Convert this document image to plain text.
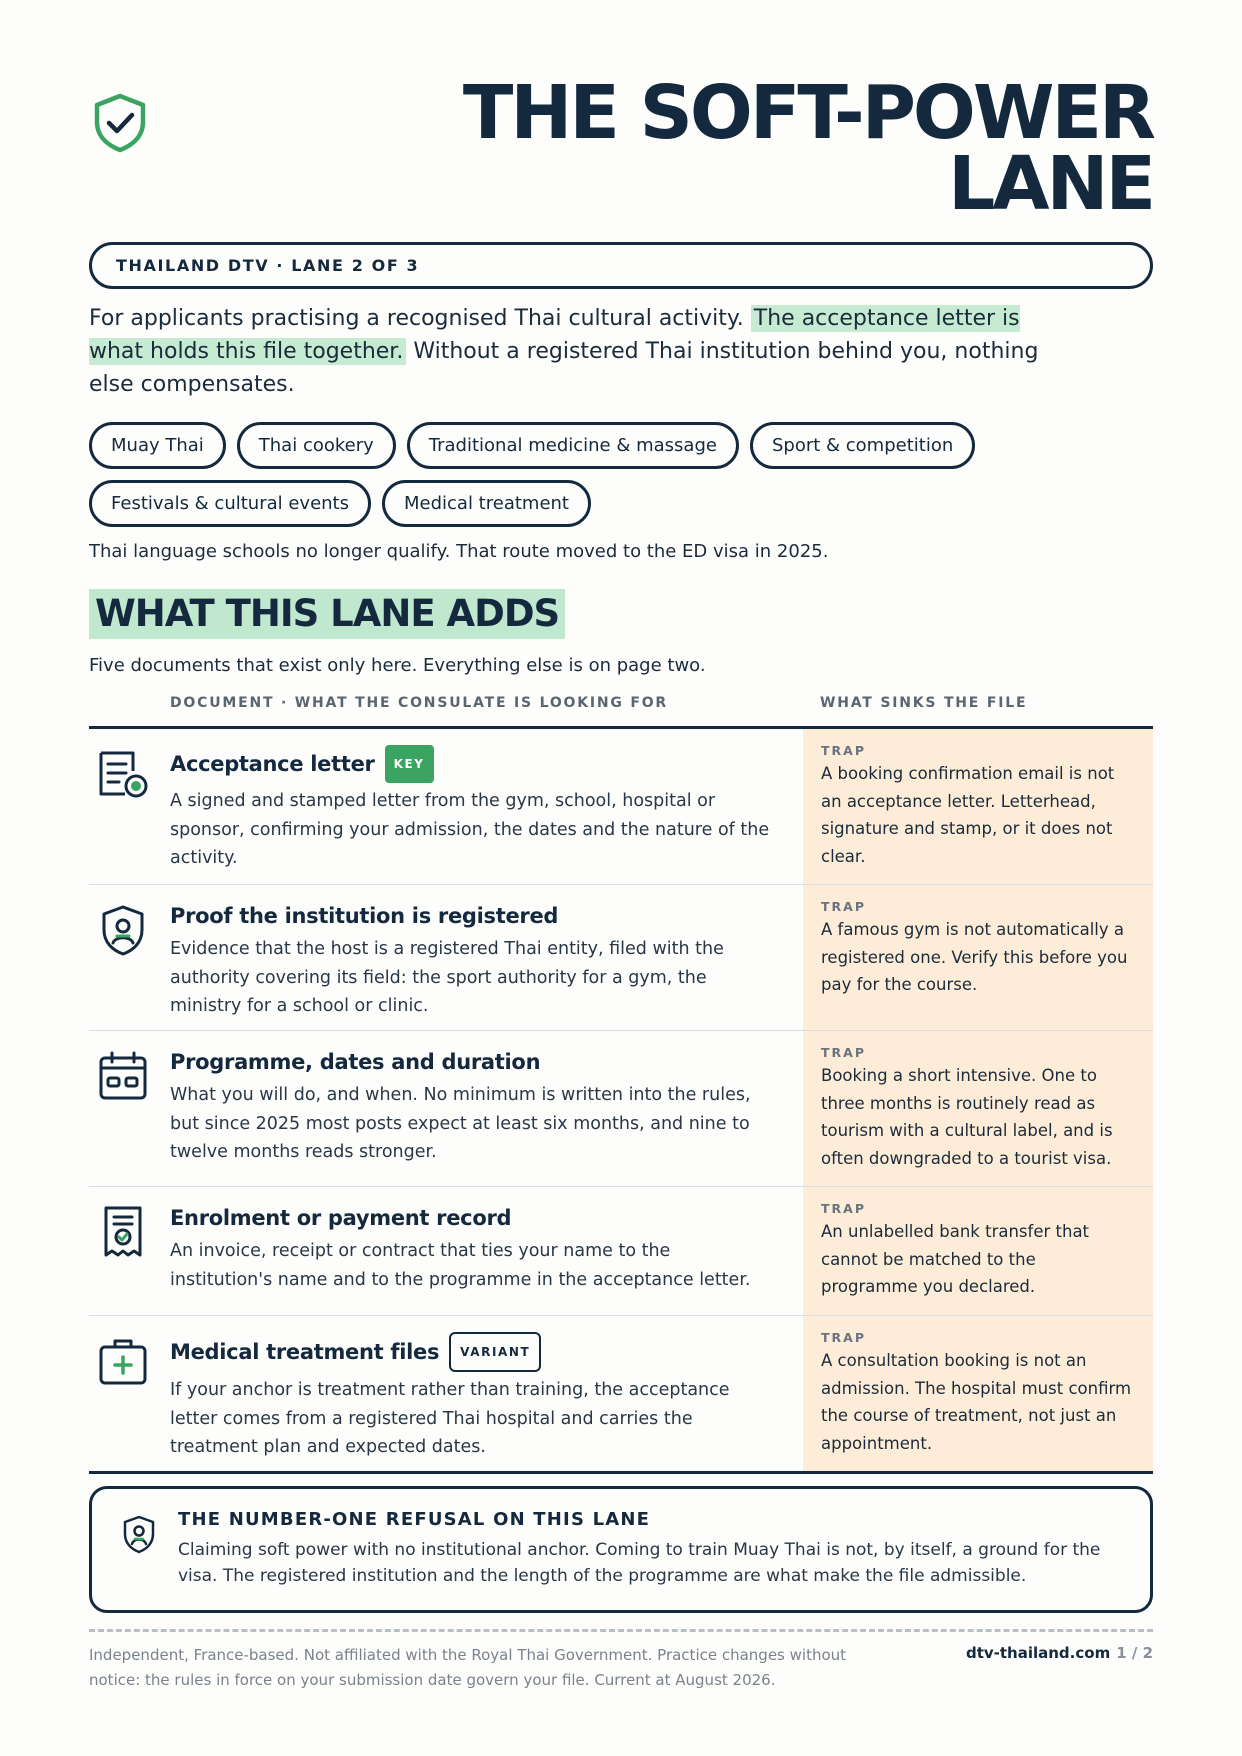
THE SOFT-POWER
LANE
THAILAND DTV · LANE 2 OF 3

For applicants practising a recognised Thai cultural activity. The acceptance letter is what holds this file together. Without a registered Thai institution behind you, nothing else compensates.

Muay Thai	Thai cookery	Traditional medicine & massage	Sport & competition
Festivals & cultural events	Medical treatment
Thai language schools no longer qualify. That route moved to the ED visa in 2025.
WHAT THIS LANE ADDS
Five documents that exist only here. Everything else is on page two.
DOCUMENT · WHAT THE CONSULATE IS LOOKING FOR	WHAT SINKS THE FILE
Acceptance letter	KEY
A signed and stamped letter from the gym, school, hospital or sponsor, confirming your admission, the dates and the nature of the activity.
TRAP
A booking confirmation email is not an acceptance letter. Letterhead, signature and stamp, or it does not clear.
Proof the institution is registered
Evidence that the host is a registered Thai entity, filed with the authority covering its field: the sport authority for a gym, the ministry for a school or clinic.
TRAP
A famous gym is not automatically a registered one. Verify this before you pay for the course.
Programme, dates and duration
What you will do, and when. No minimum is written into the rules, but since 2025 most posts expect at least six months, and nine to twelve months reads stronger.
TRAP
Booking a short intensive. One to three months is routinely read as tourism with a cultural label, and is often downgraded to a tourist visa.
Enrolment or payment record
An invoice, receipt or contract that ties your name to the institution's name and to the programme in the acceptance letter.
TRAP
An unlabelled bank transfer that cannot be matched to the programme you declared.
Medical treatment files	VARIANT
If your anchor is treatment rather than training, the acceptance letter comes from a registered Thai hospital and carries the treatment plan and expected dates.
TRAP
A consultation booking is not an admission. The hospital must confirm the course of treatment, not just an appointment.
THE NUMBER-ONE REFUSAL ON THIS LANE
Claiming soft power with no institutional anchor. Coming to train Muay Thai is not, by itself, a ground for the visa. The registered institution and the length of the programme are what make the file admissible.
Independent, France-based. Not affiliated with the Royal Thai Government. Practice changes without notice: the rules in force on your submission date govern your file. Current at August 2026.
dtv-thailand.com 1 / 2
